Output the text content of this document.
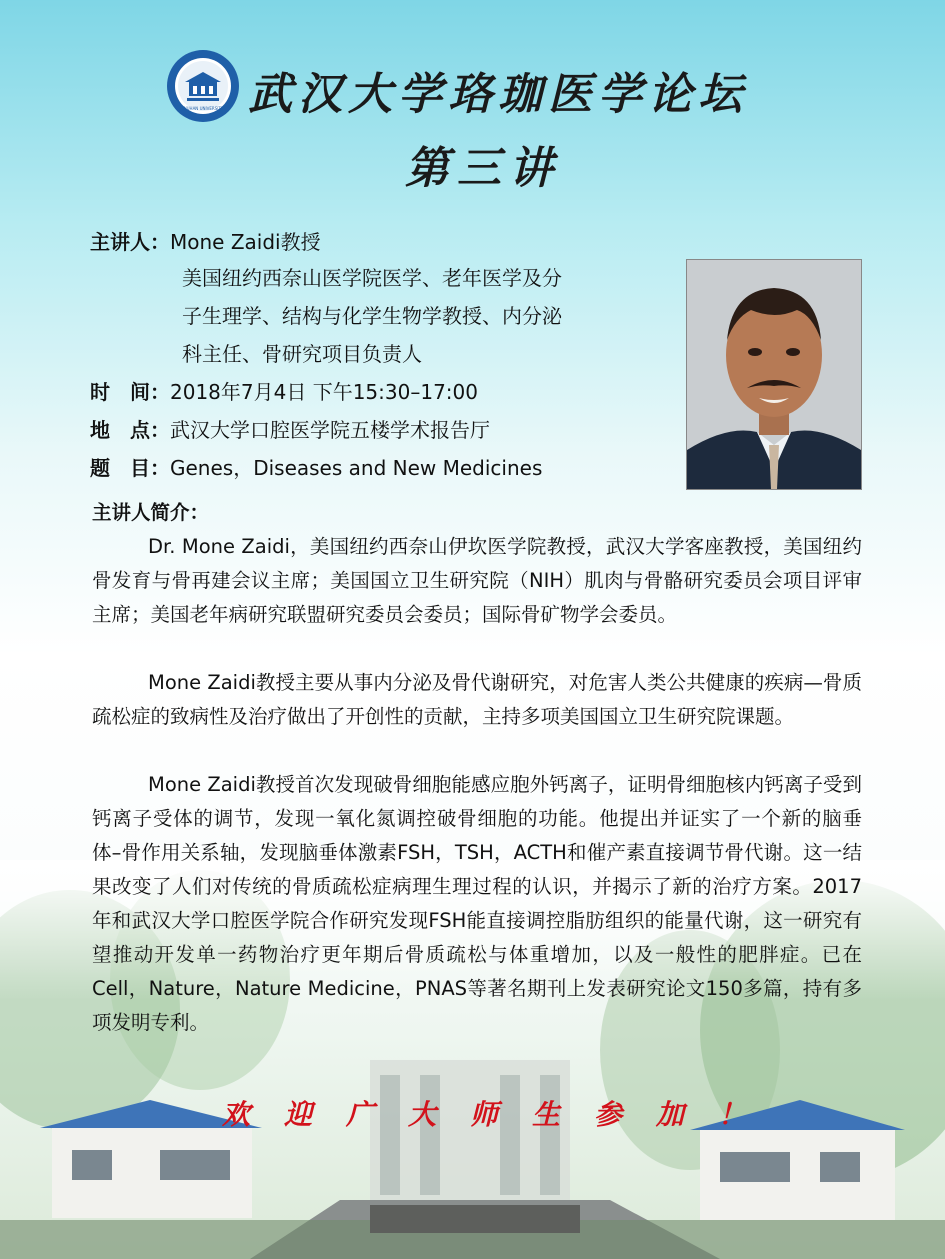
WUHAN UNIVERSITY 武汉大学珞珈医学论坛
第三讲
主讲人：Mone Zaidi教授
美国纽约西奈山医学院医学、老年医学及分
子生理学、结构与化学生物学教授、内分泌
科主任、骨研究项目负责人
时　间：2018年7月4日 下午15:30–17:00
地　点：武汉大学口腔医学院五楼学术报告厅
题　目：Genes，Diseases and New Medicines
主讲人简介：
Dr. Mone Zaidi，美国纽约西奈山伊坎医学院教授，武汉大学客座教授，美国纽约骨发育与骨再建会议主席；美国国立卫生研究院（NIH）肌肉与骨骼研究委员会项目评审主席；美国老年病研究联盟研究委员会委员；国际骨矿物学会委员。
Mone Zaidi教授主要从事内分泌及骨代谢研究，对危害人类公共健康的疾病—骨质疏松症的致病性及治疗做出了开创性的贡献，主持多项美国国立卫生研究院课题。
Mone Zaidi教授首次发现破骨细胞能感应胞外钙离子，证明骨细胞核内钙离子受到钙离子受体的调节，发现一氧化氮调控破骨细胞的功能。他提出并证实了一个新的脑垂体–骨作用关系轴，发现脑垂体激素FSH，TSH，ACTH和催产素直接调节骨代谢。这一结果改变了人们对传统的骨质疏松症病理生理过程的认识，并揭示了新的治疗方案。2017年和武汉大学口腔医学院合作研究发现FSH能直接调控脂肪组织的能量代谢，这一研究有望推动开发单一药物治疗更年期后骨质疏松与体重增加，以及一般性的肥胖症。已在 Cell，Nature，Nature Medicine，PNAS等著名期刊上发表研究论文150多篇，持有多项发明专利。
欢迎广大师生参加！
